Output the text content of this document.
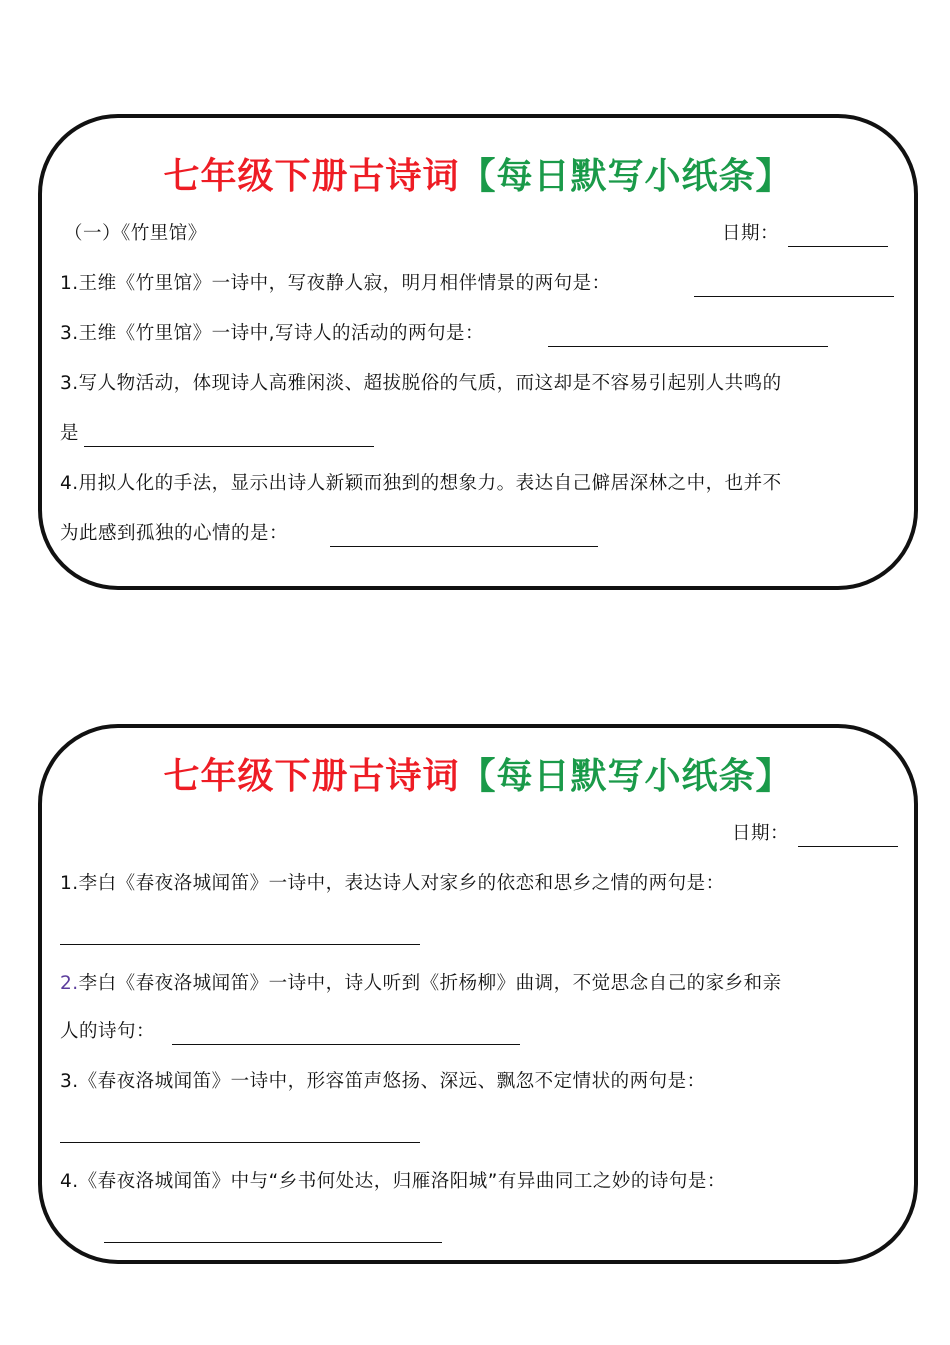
七年级下册古诗词【每日默写小纸条】
（一）《竹里馆》	日期：
1.王维《竹里馆》一诗中，写夜静人寂，明月相伴情景的两句是：
3.王维《竹里馆》一诗中,写诗人的活动的两句是：
3.写人物活动，体现诗人高雅闲淡、超拔脱俗的气质，而这却是不容易引起别人共鸣的
是
4.用拟人化的手法，显示出诗人新颖而独到的想象力。表达自己僻居深林之中，也并不
为此感到孤独的心情的是：
七年级下册古诗词【每日默写小纸条】
日期：
1.李白《春夜洛城闻笛》一诗中，表达诗人对家乡的依恋和思乡之情的两句是：
2.李白《春夜洛城闻笛》一诗中，诗人听到《折杨柳》曲调，不觉思念自己的家乡和亲
人的诗句：
3.《春夜洛城闻笛》一诗中，形容笛声悠扬、深远、飘忽不定情状的两句是：
4.《春夜洛城闻笛》中与“乡书何处达，归雁洛阳城”有异曲同工之妙的诗句是：
